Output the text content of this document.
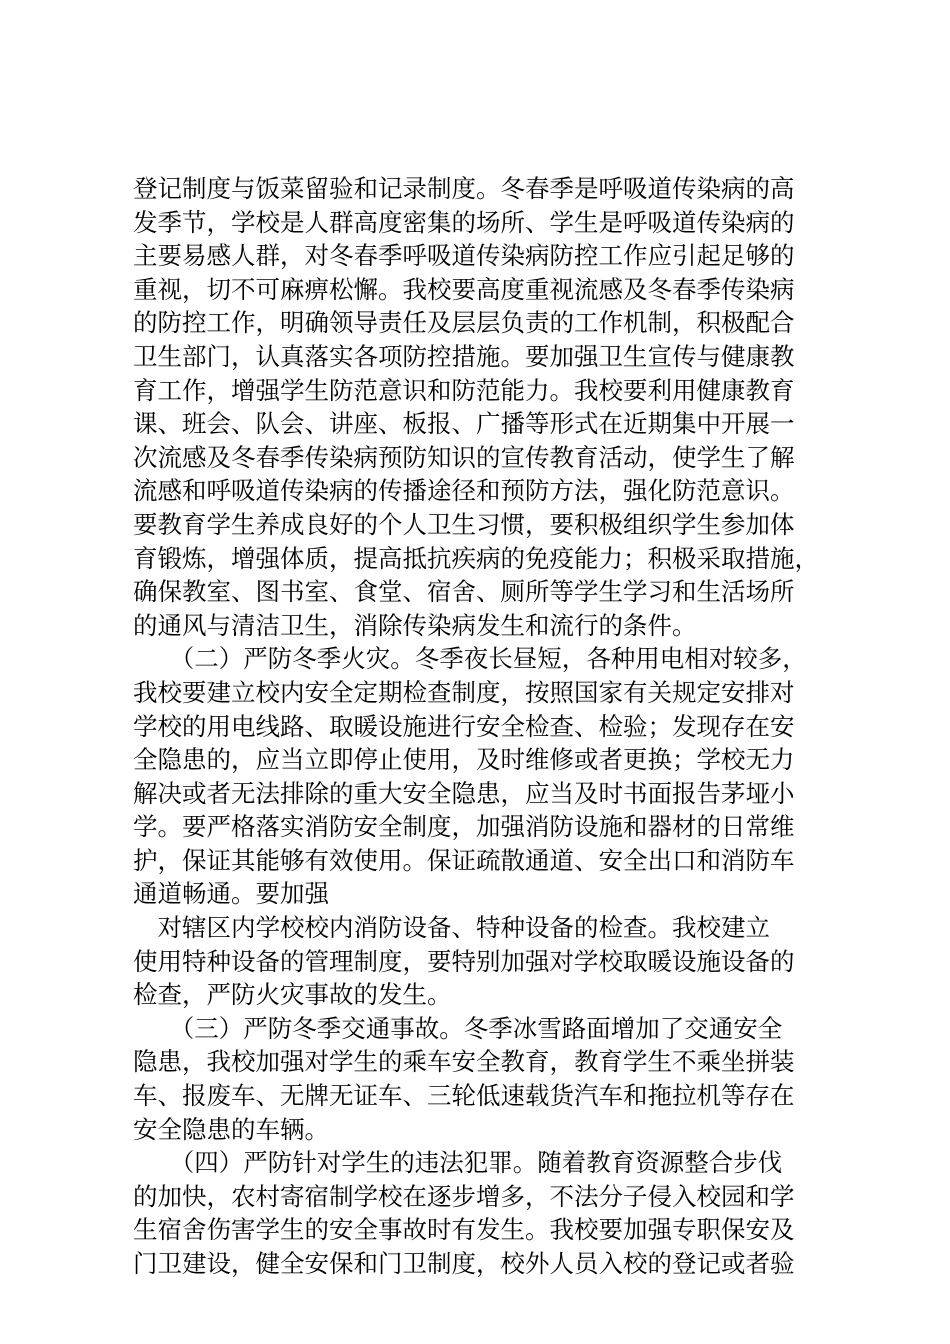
登记制度与饭菜留验和记录制度。冬春季是呼吸道传染病的高
发季节，学校是人群高度密集的场所、学生是呼吸道传染病的
主要易感人群，对冬春季呼吸道传染病防控工作应引起足够的
重视，切不可麻痹松懈。我校要高度重视流感及冬春季传染病
的防控工作，明确领导责任及层层负责的工作机制，积极配合
卫生部门，认真落实各项防控措施。要加强卫生宣传与健康教
育工作，增强学生防范意识和防范能力。我校要利用健康教育
课、班会、队会、讲座、板报、广播等形式在近期集中开展一
次流感及冬春季传染病预防知识的宣传教育活动，使学生了解
流感和呼吸道传染病的传播途径和预防方法，强化防范意识。
要教育学生养成良好的个人卫生习惯，要积极组织学生参加体
育锻炼，增强体质，提高抵抗疾病的免疫能力；积极采取措施，
确保教室、图书室、食堂、宿舍、厕所等学生学习和生活场所
的通风与清洁卫生，消除传染病发生和流行的条件。
　　（二）严防冬季火灾。冬季夜长昼短，各种用电相对较多，
我校要建立校内安全定期检查制度，按照国家有关规定安排对
学校的用电线路、取暖设施进行安全检查、检验；发现存在安
全隐患的，应当立即停止使用，及时维修或者更换；学校无力
解决或者无法排除的重大安全隐患，应当及时书面报告茅垭小
学。要严格落实消防安全制度，加强消防设施和器材的日常维
护，保证其能够有效使用。保证疏散通道、安全出口和消防车
通道畅通。要加强
　对辖区内学校校内消防设备、特种设备的检查。我校建立
使用特种设备的管理制度，要特别加强对学校取暖设施设备的
检查，严防火灾事故的发生。
　　（三）严防冬季交通事故。冬季冰雪路面增加了交通安全
隐患，我校加强对学生的乘车安全教育，教育学生不乘坐拼装
车、报废车、无牌无证车、三轮低速载货汽车和拖拉机等存在
安全隐患的车辆。
　　（四）严防针对学生的违法犯罪。随着教育资源整合步伐
的加快，农村寄宿制学校在逐步增多，不法分子侵入校园和学
生宿舍伤害学生的安全事故时有发生。我校要加强专职保安及
门卫建设，健全安保和门卫制度，校外人员入校的登记或者验
